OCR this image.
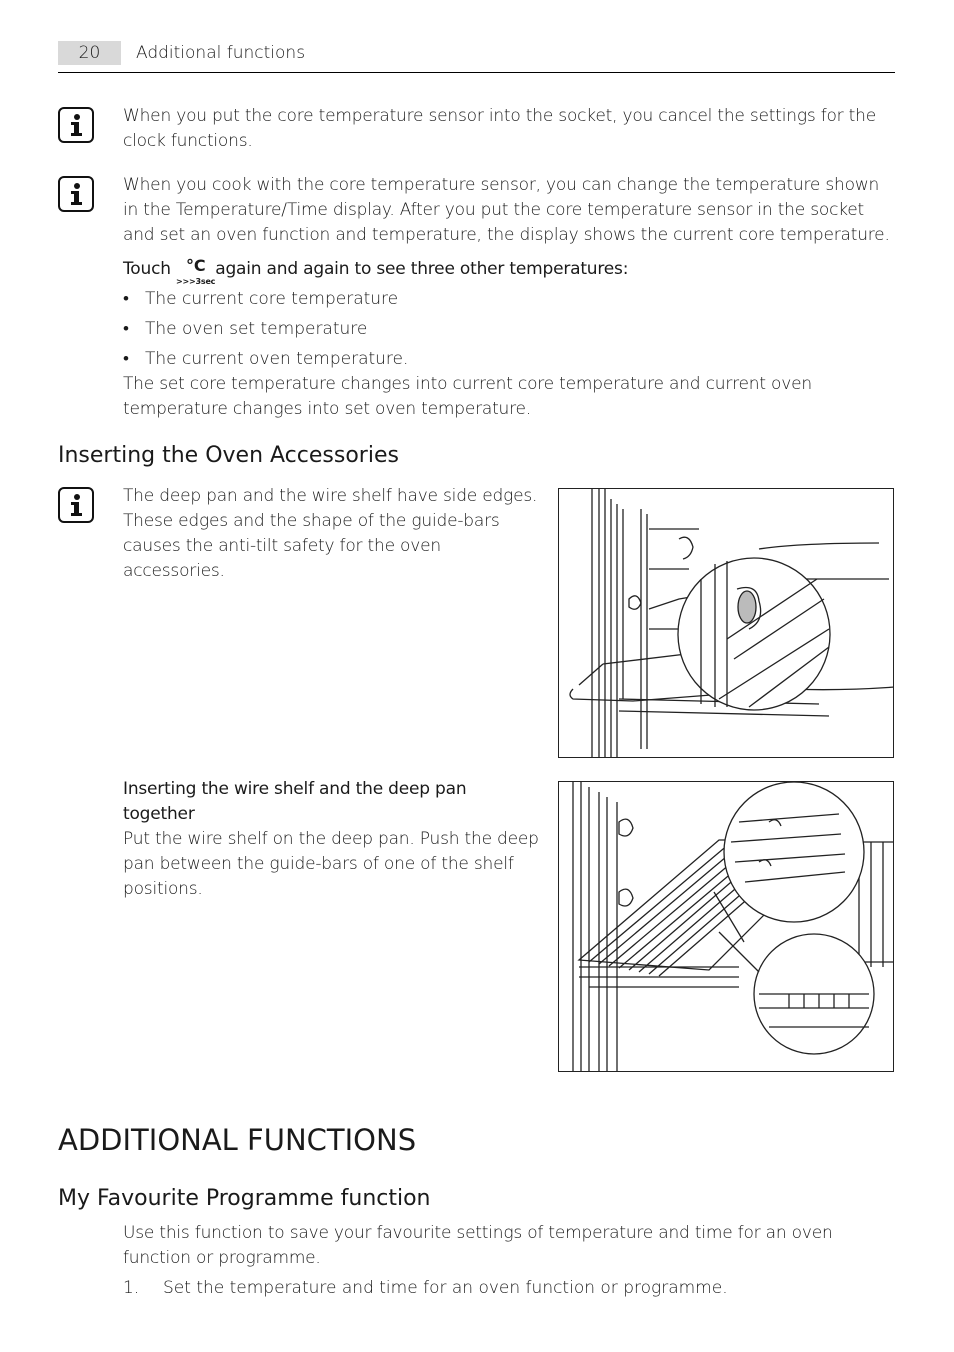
20	Additional functions
When you put the core temperature sensor into the socket, you cancel the settings for the clock functions.
When you cook with the core temperature sensor, you can change the temperature shown in the Temperature/Time display. After you put the core temperature sensor in the socket and set an oven function and temperature, the display shows the current core temperature.
Touch °C
>>>3sec
again and again to see three other temperatures:
• The current core temperature
• The oven set temperature
• The current oven temperature.
The set core temperature changes into current core temperature and current oven temperature changes into set oven temperature.
Inserting the Oven Accessories
The deep pan and the wire shelf have side edges. These edges and the shape of the guide-bars causes the anti-tilt safety for the oven accessories.
Inserting the wire shelf and the deep pan together
Put the wire shelf on the deep pan. Push the deep pan between the guide-bars of one of the shelf positions.
ADDITIONAL FUNCTIONS
My Favourite Programme function
Use this function to save your favourite settings of temperature and time for an oven function or programme.
1. Set the temperature and time for an oven function or programme.
